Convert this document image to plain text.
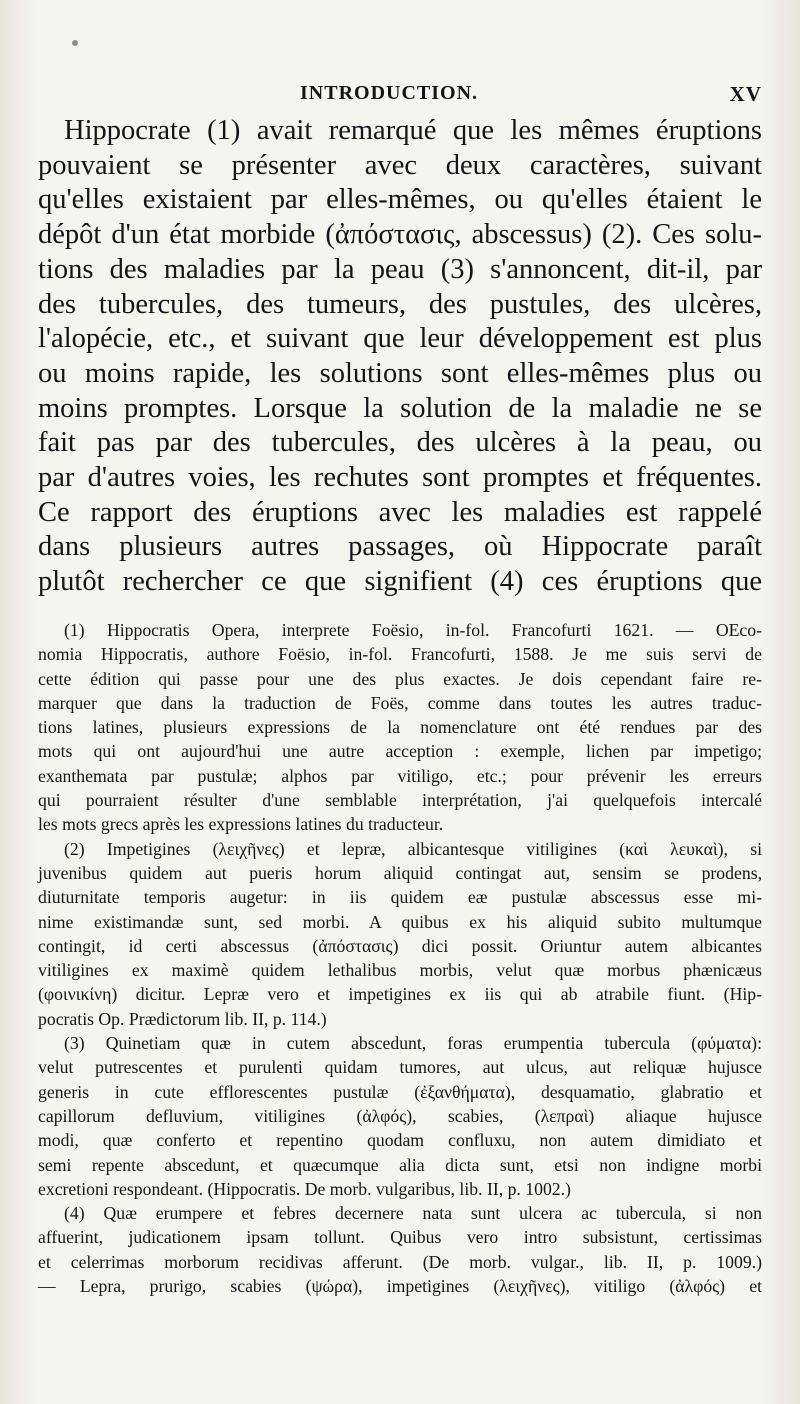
INTRODUCTION.	XV
Hippocrate (1) avait remarqué que les mêmes éruptions
pouvaient se présenter avec deux caractères, suivant
qu'elles existaient par elles-mêmes, ou qu'elles étaient le
dépôt d'un état morbide (ἀπόστασις, abscessus) (2). Ces solu-
tions des maladies par la peau (3) s'annoncent, dit-il, par
des tubercules, des tumeurs, des pustules, des ulcères,
l'alopécie, etc., et suivant que leur développement est plus
ou moins rapide, les solutions sont elles-mêmes plus ou
moins promptes. Lorsque la solution de la maladie ne se
fait pas par des tubercules, des ulcères à la peau, ou
par d'autres voies, les rechutes sont promptes et fréquentes.
Ce rapport des éruptions avec les maladies est rappelé
dans plusieurs autres passages, où Hippocrate paraît
plutôt rechercher ce que signifient (4) ces éruptions que
(1) Hippocratis Opera, interprete Foësio, in-fol. Francofurti 1621. — OEco-
nomia Hippocratis, authore Foësio, in-fol. Francofurti, 1588. Je me suis servi de
cette édition qui passe pour une des plus exactes. Je dois cependant faire re-
marquer que dans la traduction de Foës, comme dans toutes les autres traduc-
tions latines, plusieurs expressions de la nomenclature ont été rendues par des
mots qui ont aujourd'hui une autre acception : exemple, lichen par impetigo;
exanthemata par pustulæ; alphos par vitiligo, etc.; pour prévenir les erreurs
qui pourraient résulter d'une semblable interprétation, j'ai quelquefois intercalé
les mots grecs après les expressions latines du traducteur.
(2) Impetigines (λειχῆνες) et lepræ, albicantesque vitiligines (καὶ λευκαὶ), si
juvenibus quidem aut pueris horum aliquid contingat aut, sensim se prodens,
diuturnitate temporis augetur: in iis quidem eæ pustulæ abscessus esse mi-
nime existimandæ sunt, sed morbi. A quibus ex his aliquid subito multumque
contingit, id certi abscessus (ἀπόστασις) dici possit. Oriuntur autem albicantes
vitiligines ex maximè quidem lethalibus morbis, velut quæ morbus phænicæus
(φοινικίνη) dicitur. Lepræ vero et impetigines ex iis qui ab atrabile fiunt. (Hip-
pocratis Op. Prædictorum lib. II, p. 114.)
(3) Quinetiam quæ in cutem abscedunt, foras erumpentia tubercula (φύματα):
velut putrescentes et purulenti quidam tumores, aut ulcus, aut reliquæ hujusce
generis in cute efflorescentes pustulæ (ἐξανθήματα), desquamatio, glabratio et
capillorum defluvium, vitiligines (ἀλφός), scabies, (λεπραὶ) aliaque hujusce
modi, quæ conferto et repentino quodam confluxu, non autem dimidiato et
semi repente abscedunt, et quæcumque alia dicta sunt, etsi non indigne morbi
excretioni respondeant. (Hippocratis. De morb. vulgaribus, lib. II, p. 1002.)
(4) Quæ erumpere et febres decernere nata sunt ulcera ac tubercula, si non
affuerint, judicationem ipsam tollunt. Quibus vero intro subsistunt, certissimas
et celerrimas morborum recidivas afferunt. (De morb. vulgar., lib. II, p. 1009.)
— Lepra, prurigo, scabies (ψώρα), impetigines (λειχῆνες), vitiligo (ἀλφός) et
